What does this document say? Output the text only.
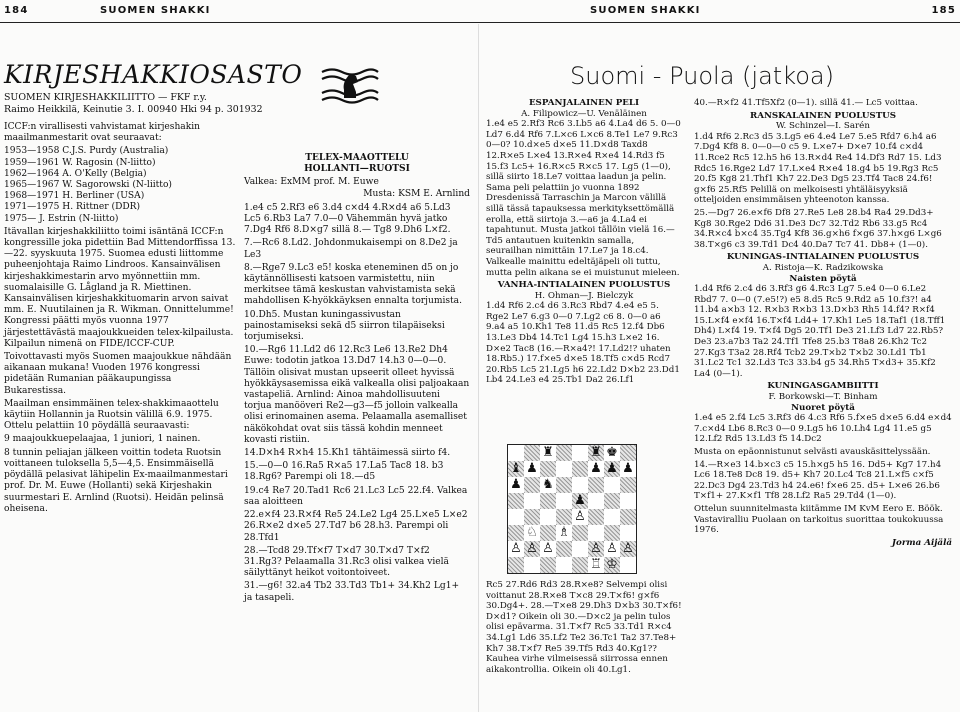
184	SUOMEN SHAKKI	SUOMEN SHAKKI	185
KIRJESHAKKIOSASTO
SUOMEN KIRJESHAKKILIITTO — FKF r.y.
Raimo Heikkilä, Keinutie 3. I. 00940 Hki 94 p. 301932

ICCF:n virallisesti vahvistamat kirjeshakin maailmanmestarit ovat seuraavat:

1953—1958 C.J.S. Purdy (Australia)
1959—1961 W. Ragosin (N-liitto)
1962—1964 A. O'Kelly (Belgia)
1965—1967 W. Sagorowski (N-liitto)
1968—1971 H. Berliner (USA)
1971—1975 H. Rittner (DDR)
1975— J. Estrin (N-liitto)

Itävallan kirjeshakkiliitto toimi isäntänä ICCF:n kongressille joka pidettiin Bad Mittendorffissa 13.—22. syyskuuta 1975. Suomea edusti liittomme puheenjohtaja Raimo Lindroos. Kansainvälisen kirjeshakkimestarin arvo myönnettiin mm. suomalaisille G. Lågland ja R. Miettinen. Kansainvälisen kirjeshakkituomarin arvon saivat mm. E. Nuutilainen ja R. Wikman. Onnittelumme! Kongressi päätti myös vuonna 1977 järjestettävästä maajoukkueiden telex-kilpailusta. Kilpailun nimenä on FIDE/ICCF-CUP.

Toivottavasti myös Suomen maajoukkue nähdään aikanaan mukana! Vuoden 1976 kongressi pidetään Rumanian pääkaupungissa Bukarestissa.

Maailman ensimmäinen telex-shakkimaaottelu käytiin Hollannin ja Ruotsin välillä 6.9. 1975. Ottelu pelattiin 10 pöydällä seuraavasti:

9 maajoukkuepelaajaa, 1 juniori, 1 nainen.

8 tunnin peliajan jälkeen voittin todeta Ruotsin voittaneen tuloksella 5,5—4,5. Ensimmäisellä pöydällä pelasivat lähipelin Ex-maailmanmestari prof. Dr. M. Euwe (Hollanti) sekä Kirjeshakin suurmestari E. Arnlind (Ruotsi). Heidän pelinsä oheisena.

TELEX-MAAOTTELU
HOLLANTI—RUOTSI
Valkea: ExMM prof. M. Euwe
Musta: KSM E. Arnlind

1.e4 c5 2.Rf3 e6 3.d4 c×d4 4.R×d4 a6 5.Ld3 Lc5 6.Rb3 La7 7.0—0 Vähemmän hyvä jatko 7.Dg4 Rf6 8.D×g7 sillä 8.— Tg8 9.Dh6 L×f2.

7.—Rc6 8.Ld2. Johdonmukaisempi on 8.De2 ja Le3

8.—Rge7 9.Lc3 e5! koska eteneminen d5 on jo käytännöllisesti katsoen varmistettu, niin merkitsee tämä keskustan vahvistamista sekä mahdollisen K-hyökkäyksen ennalta torjumista.

10.Dh5. Mustan kuningassivustan painostamiseksi sekä d5 siirron tilapäiseksi torjumiseksi.

10.—Rg6 11.Ld2 d6 12.Rc3 Le6 13.Re2 Dh4 Euwe: todotin jatkoa 13.Dd7 14.h3 0—0—0. Tällöin olisivat mustan upseerit olleet hyvissä hyökkäysasemissa eikä valkealla olisi paljoakaan vastapeliä. Arnlind: Ainoa mahdollisuuteni torjua manööveri Re2—g3—f5 jolloin valkealla olisi erinomainen asema. Pelaamalla asemalliset näkökohdat ovat siis tässä kohdin menneet kovasti ristiin.

14.D×h4 R×h4 15.Kh1 tähtäimessä siirto f4.

15.—0—0 16.Ra5 R×a5 17.La5 Tac8 18. b3 18.Rg6? Parempi oli 18.—d5

19.c4 Re7 20.Tad1 Rc6 21.Lc3 Lc5 22.f4. Valkea saa aloitteen

22.e×f4 23.R×f4 Re5 24.Le2 Lg4 25.L×e5 L×e2 26.R×e2 d×e5 27.Td7 b6 28.h3. Parempi oli 28.Tfd1

28.—Tcd8 29.Tf×f7 T×d7 30.T×d7 T×f2 31.Rg3? Pelaamalla 31.Rc3 olisi valkea vielä säilyttänyt heikot voitontoiveet.

31.—g6! 32.a4 Tb2 33.Td3 Tb1+ 34.Kh2 Lg1+ ja tasapeli.

Suomi - Puola (jatkoa)
ESPANJALAINEN PELI
A. Filipowicz—U. Venäläinen

1.e4 e5 2.Rf3 Rc6 3.Lb5 a6 4.La4 d6 5. 0—0 Ld7 6.d4 Rf6 7.L×c6 L×c6 8.Te1 Le7 9.Rc3 0—0? 10.d×e5 d×e5 11.D×d8 Taxd8 12.R×e5 L×e4 13.R×e4 R×e4 14.Rd3 f5 15.f3 Lc5+ 16.R×c5 R×c5 17. Lg5 (1—0), sillä siirto 18.Le7 voittaa laadun ja pelin. Sama peli pelattiin jo vuonna 1892 Dresdenissä Tarraschin ja Marcon välillä sillä tässä tapauksessa merkityksettömällä erolla, että siirtoja 3.—a6 ja 4.La4 ei tapahtunut. Musta jatkoi tällöin vielä 16.—Td5 antautuen kuitenkin samalla, seurailhan nimittäin 17.Le7 ja 18.c4. Valkealle mainittu edeltäjäpeli oli tuttu, mutta pelin aikana se ei muistunut mieleen.

VANHA-INTIALAINEN PUOLUSTUS
H. Ohman—J. Bielczyk

1.d4 Rf6 2.c4 d6 3.Rc3 Rbd7 4.e4 e5 5. Rge2 Le7 6.g3 0—0 7.Lg2 c6 8. 0—0 a6 9.a4 a5 10.Kh1 Te8 11.d5 Rc5 12.f4 Db6 13.Le3 Db4 14.Tc1 Lg4 15.h3 L×e2 16. D×e2 Tac8 (16.—R×a4?! 17.Ld2!? uhaten 18.Rb5.) 17.f×e5 d×e5 18.Tf5 c×d5 Rcd7 20.Rb5 Lc5 21.Lg5 h6 22.Ld2 D×b2 23.Dd1 Lb4 24.Le3 e4 25.Tb1 Da2 26.Lf1

♜	♜ ♚
♝ ♟	♟ ♟ ♟
♟ ♞
♟
♙
♘ ♗
♙ ♙ ♙	♙ ♙ ♙
♖ ♔

Rc5 27.Rd6 Rd3 28.R×e8? Selvempi olisi voittanut 28.R×e8 T×c8 29.T×f6! g×f6 30.Dg4+. 28.—T×e8 29.Dh3 D×b3 30.T×f6! D×d1? Oikein oli 30.—D×c2 ja pelin tulos olisi epävarma. 31.T×f7 Rc5 33.Td1 R×c4 34.Lg1 Ld6 35.Lf2 Te2 36.Tc1 Ta2 37.Te8+ Kh7 38.T×f7 Re5 39.Tf5 Rd3 40.Kg1?? Kauhea virhe vilmeisessä siirrossa ennen aikakontrollia. Oikein oli 40.Lg1.

40.—R×f2 41.Tf5Xf2 (0—1). sillä 41.— Lc5 voittaa.

RANSKALAINEN PUOLUSTUS
W. Schinzel—I. Sarén

1.d4 Rf6 2.Rc3 d5 3.Lg5 e6 4.e4 Le7 5.e5 Rfd7 6.h4 a6 7.Dg4 Kf8 8. 0—0—0 c5 9. L×e7+ D×e7 10.f4 c×d4 11.Rce2 Rc5 12.h5 h6 13.R×d4 Re4 14.Df3 Rd7 15. Ld3 Rdc5 16.Rge2 Ld7 17.L×e4 R×e4 18.g4 b5 19.Rg3 Rc5 20.f5 Kg8 21.Thf1 Kh7 22.De3 Dg5 23.Tf4 Tac8 24.f6! g×f6 25.Rf5 Pelillä on melkoisesti yhtäläisyyksiä otteljoiden ensimmäisen yhteenoton kanssa.

25.—Dg7 26.e×f6 Df8 27.Re5 Le8 28.b4 Ra4 29.Dd3+ Kg8 30.Rge2 Dd6 31.De3 Dc7 32.Td2 Rb6 33.g5 Rc4 34.R×c4 b×c4 35.Tg4 Kf8 36.g×h6 f×g6 37.h×g6 L×g6 38.T×g6 c3 39.Td1 Dc4 40.Da7 Tc7 41. Db8+ (1—0).

KUNINGAS-INTIALAINEN PUOLUSTUS
A. Ristoja—K. Radzikowska
Naisten pöytä

1.d4 Rf6 2.c4 d6 3.Rf3 g6 4.Rc3 Lg7 5.e4 0—0 6.Le2 Rbd7 7. 0—0 (7.e5!?) e5 8.d5 Rc5 9.Rd2 a5 10.f3?! a4 11.b4 a×b3 12. R×b3 R×b3 13.D×b3 Rh5 14.f4? R×f4 15.L×f4 e×f4 16.T×f4 Ld4+ 17.Kh1 Le5 18.Taf1 (18.Tff1 Dh4) L×f4 19. T×f4 Dg5 20.Tf1 De3 21.Lf3 Ld7 22.Rb5? De3 23.a7b3 Ta2 24.Tf1 Tfe8 25.b3 T8a8 26.Kh2 Tc2 27.Kg3 T3a2 28.Rf4 Tcb2 29.T×b2 T×b2 30.Ld1 Tb1 31.Lc2 Tc1 32.Ld3 Tc3 33.b4 g5 34.Rh5 T×d3+ 35.Kf2 La4 (0—1).

KUNINGASGAMBIITTI
F. Borkowski—T. Binham
Nuoret pöytä

1.e4 e5 2.f4 Lc5 3.Rf3 d6 4.c3 Rf6 5.f×e5 d×e5 6.d4 e×d4 7.c×d4 Lb6 8.Rc3 0—0 9.Lg5 h6 10.Lh4 Lg4 11.e5 g5 12.Lf2 Rd5 13.Ld3 f5 14.Dc2

Musta on epäonnistunut selvästi avauskäsittelyssään.

14.—R×e3 14.b×c3 c5 15.h×g5 h5 16. Dd5+ Kg7 17.h4 Lc6 18.Te8 Dc8 19. d5+ Kh7 20.Lc4 Tc8 21.L×f5 c×f5 22.Dc3 Dg4 23.Td3 h4 24.e6! f×e6 25. d5+ L×e6 26.b6 T×f1+ 27.K×f1 Tf8 28.Lf2 Ra5 29.Td4 (1—0).

Ottelun suunnitelmasta kiitämme IM KvM Eero E. Böök. Vastaviralliu Puolaan on tarkoitus suorittaa toukokuussa 1976.

Jorma Aijälä
